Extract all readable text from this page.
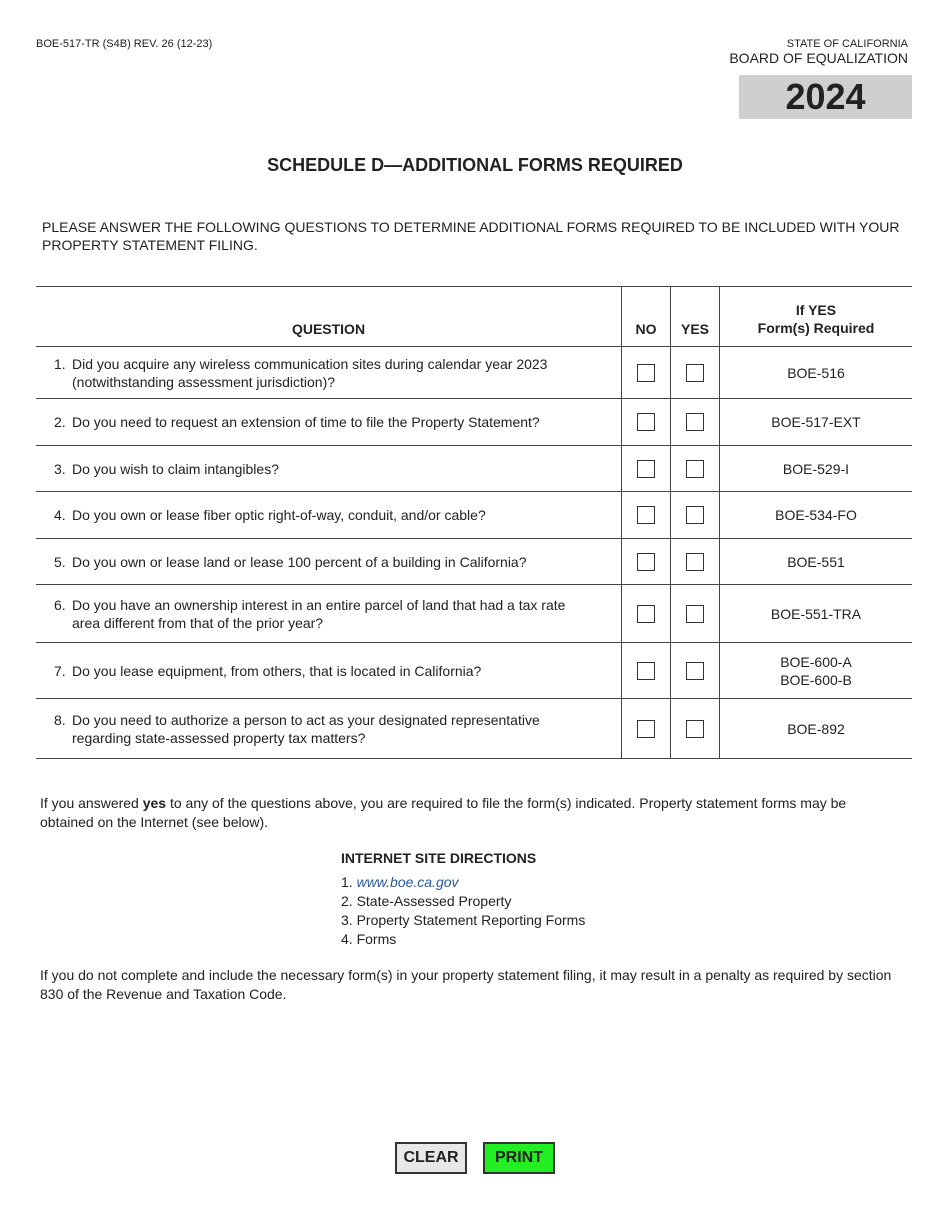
BOE-517-TR (S4B) REV. 26 (12-23)	STATE OF CALIFORNIA
BOARD OF EQUALIZATION
2024
SCHEDULE D—ADDITIONAL FORMS REQUIRED
PLEASE ANSWER THE FOLLOWING QUESTIONS TO DETERMINE ADDITIONAL FORMS REQUIRED TO BE INCLUDED WITH YOUR PROPERTY STATEMENT FILING.
QUESTION	NO	YES	If YES
Form(s) Required

1. Did you acquire any wireless communication sites during calendar year 2023
(notwithstanding assessment jurisdiction)?			BOE-516

2. Do you need to request an extension of time to file the Property Statement?			BOE-517-EXT

3. Do you wish to claim intangibles?			BOE-529-I

4. Do you own or lease fiber optic right-of-way, conduit, and/or cable?			BOE-534-FO

5. Do you own or lease land or lease 100 percent of a building in California?			BOE-551

6. Do you have an ownership interest in an entire parcel of land that had a tax rate
area different from that of the prior year?			BOE-551-TRA

7. Do you lease equipment, from others, that is located in California?			BOE-600-A
BOE-600-B

8. Do you need to authorize a person to act as your designated representative
regarding state-assessed property tax matters?			BOE-892
If you answered yes to any of the questions above, you are required to file the form(s) indicated. Property statement forms may be obtained on the Internet (see below).
INTERNET SITE DIRECTIONS
1. www.boe.ca.gov
2. State-Assessed Property
3. Property Statement Reporting Forms
4. Forms
If you do not complete and include the necessary form(s) in your property statement filing, it may result in a penalty as required by section 830 of the Revenue and Taxation Code.
CLEAR	PRINT
